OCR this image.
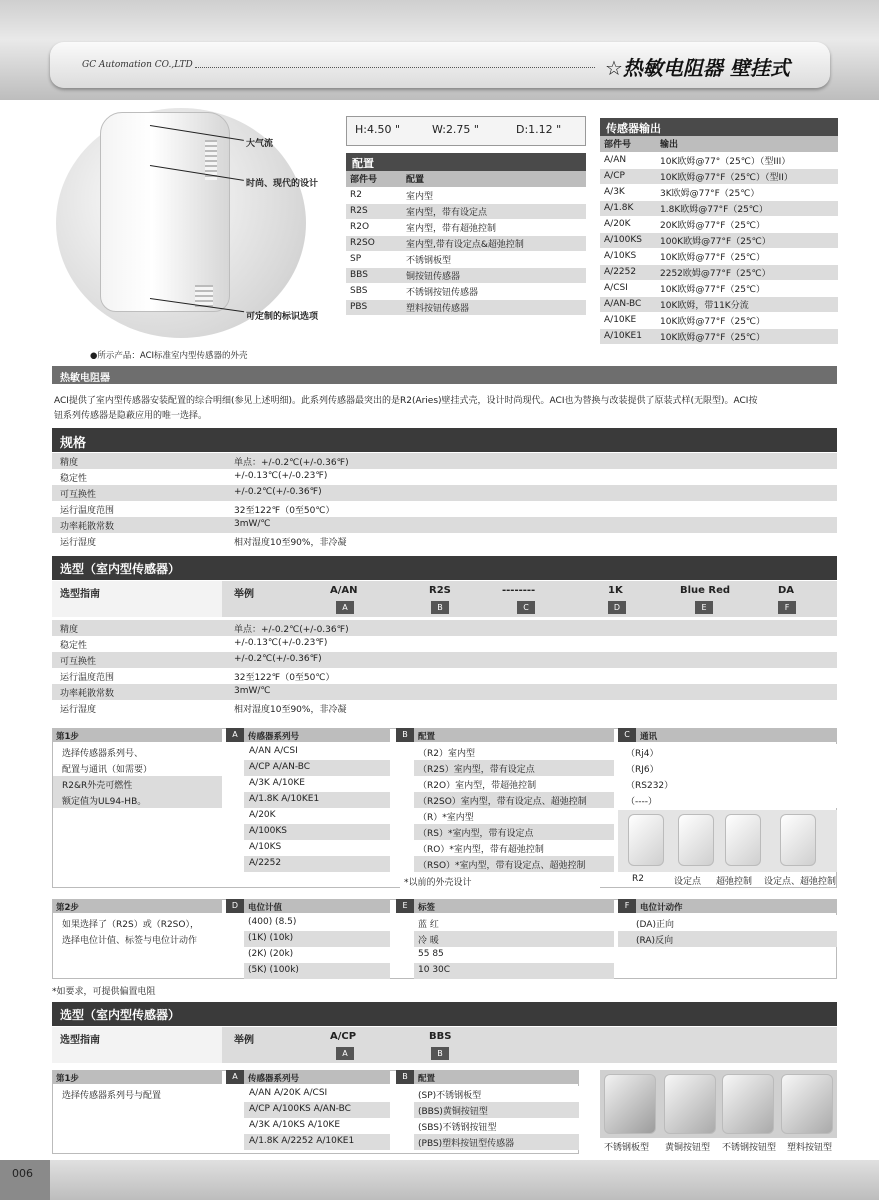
GC Automation CO.,LTD	☆热敏电阻器 壁挂式
大气流
时尚、现代的设计
可定制的标识选项
●所示产品：ACI标准室内型传感器的外壳
H:4.50 "	W:2.75 "	D:1.12 "
配置
部件号	配置
R2	室内型
R2S	室内型，带有设定点
R2O	室内型，带有超弛控制
R2SO	室内型,带有设定点&超弛控制
SP	不锈钢板型
BBS	铜按钮传感器
SBS	不锈钢按钮传感器
PBS	塑料按钮传感器
传感器输出
部件号	输出
A/AN	10K欧姆@77°（25℃）（型III）
A/CP	10K欧姆@77°F（25℃）（型II）
A/3K	3K欧姆@77°F（25℃）
A/1.8K	1.8K欧姆@77°F（25℃）
A/20K	20K欧姆@77°F（25℃）
A/100KS	100K欧姆@77°F（25℃）
A/10KS	10K欧姆@77°F（25℃）
A/2252	2252欧姆@77°F（25℃）
A/CSI	10K欧姆@77°F（25℃）
A/AN-BC	10K欧姆，带11K分流
A/10KE	10K欧姆@77°F（25℃）
A/10KE1	10K欧姆@77°F（25℃）
热敏电阻器
ACI提供了室内型传感器安装配置的综合明细(参见上述明细)。此系列传感器最突出的是R2(Aries)壁挂式壳，设计时尚现代。ACI也为替换与改装提供了原装式样(无限型)。ACI按
钮系列传感器是隐蔽应用的唯一选择。
规格
精度	单点：+/-0.2℃(+/-0.36℉)
稳定性	+/-0.13℃(+/-0.23℉)
可互换性	+/-0.2℃(+/-0.36℉)
运行温度范围	32至122℉（0至50℃）
功率耗散常数	3mW/℃
运行湿度	相对湿度10至90%，非冷凝
选型（室内型传感器）
选型指南	举例	A/AN	R2S	--------	1K	Blue Red	DA
A	B	C	D	E	F
精度	单点：+/-0.2℃(+/-0.36℉)
稳定性	+/-0.13℃(+/-0.23℉)
可互换性	+/-0.2℃(+/-0.36℉)
运行温度范围	32至122℉（0至50℃）
功率耗散常数	3mW/℃
运行湿度	相对湿度10至90%，非冷凝
第1步
选择传感器系列号、
配置与通讯（如需要）
R2&R外壳可燃性
额定值为UL94-HB。
A	传感器系列号
A/AN A/CSI
A/CP A/AN-BC
A/3K A/10KE
A/1.8K A/10KE1
A/20K
A/100KS
A/10KS
A/2252
B	配置
（R2）室内型
（R2S）室内型，带有设定点
（R2O）室内型，带超弛控制
（R2SO）室内型，带有设定点、超弛控制
（R）*室内型
（RS）*室内型，带有设定点
（RO）*室内型，带有超弛控制
（RSO）*室内型，带有设定点、超弛控制
*以前的外壳设计
C	通讯
（Rj4）
（RJ6）
（RS232）
（----）
R2	设定点 超弛控制 设定点、超弛控制
第2步
如果选择了（R2S）或（R2SO），
选择电位计值、标签与电位计动作
D	电位计值
(400) (8.5)
(1K) (10k)
(2K) (20k)
(5K) (100k)
E	标签
蓝 红
冷 暖
55 85
10 30C
F	电位计动作
(DA)正向
(RA)反向
*如要求，可提供偏置电阻
选型（室内型传感器）
选型指南	举例	A/CP	BBS
A	B
第1步
选择传感器系列号与配置
A	传感器系列号
A/AN A/20K A/CSI
A/CP A/100KS A/AN-BC
A/3K A/10KS A/10KE
A/1.8K A/2252 A/10KE1
B	配置
(SP)不锈钢板型
(BBS)黄铜按钮型
(SBS)不锈钢按钮型
(PBS)塑料按钮型传感器	不锈钢板型 黄铜按钮型 不锈钢按钮型 塑料按钮型
006
